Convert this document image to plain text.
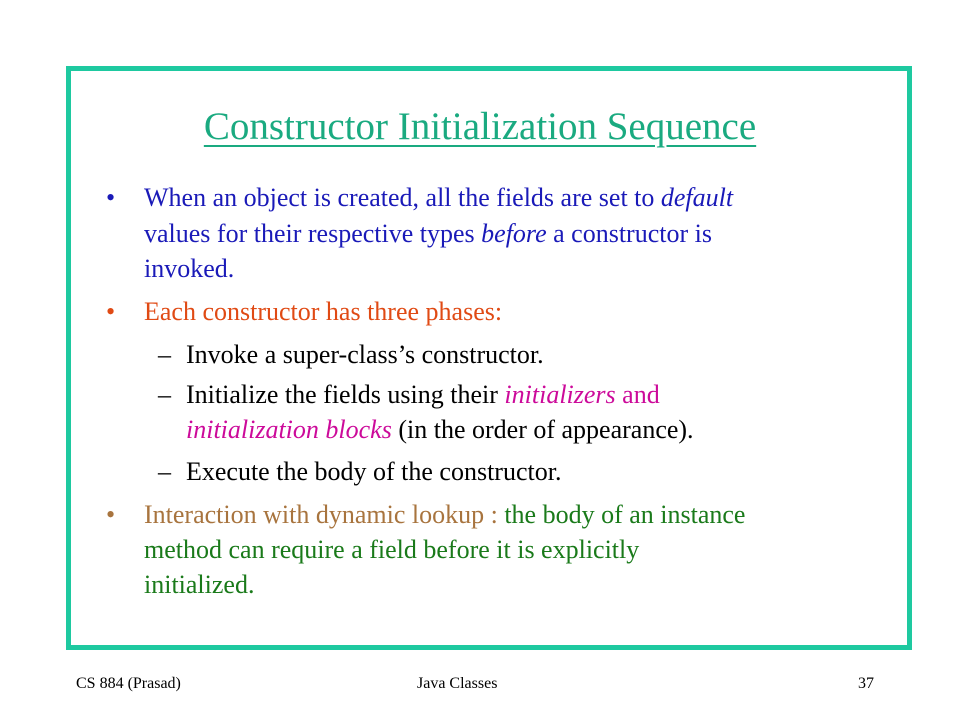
Constructor Initialization Sequence
• When an object is created, all the fields are set to default
values for their respective types before a constructor is
invoked.
• Each constructor has three phases:
– Invoke a super-class’s constructor.
– Initialize the fields using their initializers and
initialization blocks (in the order of appearance).
– Execute the body of the constructor.
• Interaction with dynamic lookup : the body of an instance
method can require a field before it is explicitly
initialized.
CS 884 (Prasad)	Java Classes	37
